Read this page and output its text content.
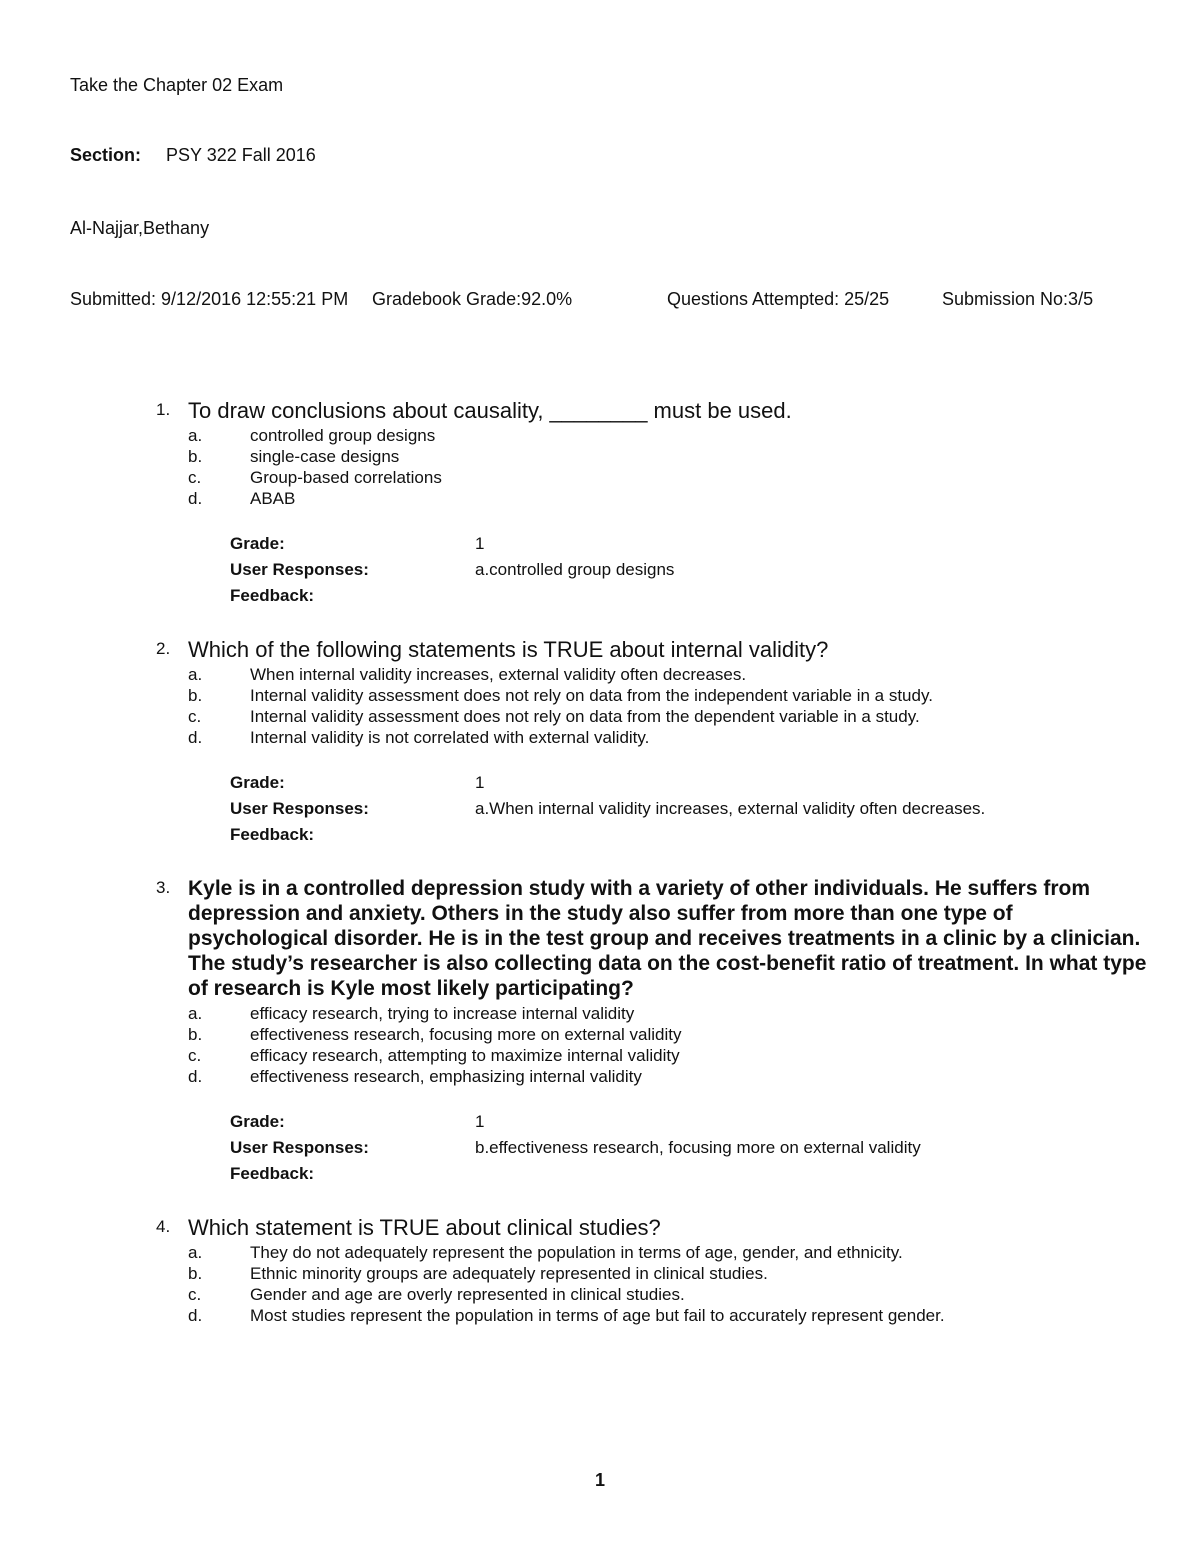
Take the Chapter 02 Exam
Section:	PSY 322 Fall 2016
Al-Najjar,Bethany
Submitted: 9/12/2016 12:55:21 PM Gradebook Grade:92.0%	Questions Attempted: 25/25	Submission No:3/5
1. To draw conclusions about causality, ________ must be used.
a.	controlled group designs
b.	single-case designs
c.	Group-based correlations
d.	ABAB
Grade:	1
User Responses:	a.controlled group designs
Feedback:
2. Which of the following statements is TRUE about internal validity?
a.	When internal validity increases, external validity often decreases.
b.	Internal validity assessment does not rely on data from the independent variable in a study.
c.	Internal validity assessment does not rely on data from the dependent variable in a study.
d.	Internal validity is not correlated with external validity.
Grade:	1
User Responses:	a.When internal validity increases, external validity often decreases.
Feedback:
3. Kyle is in a controlled depression study with a variety of other individuals. He suffers from depression and anxiety. Others in the study also suffer from more than one type of psychological disorder. He is in the test group and receives treatments in a clinic by a clinician. The study’s researcher is also collecting data on the cost-benefit ratio of treatment. In what type of research is Kyle most likely participating?
a.	efficacy research, trying to increase internal validity
b.	effectiveness research, focusing more on external validity
c.	efficacy research, attempting to maximize internal validity
d.	effectiveness research, emphasizing internal validity
Grade:	1
User Responses:	b.effectiveness research, focusing more on external validity
Feedback:
4. Which statement is TRUE about clinical studies?
a.	They do not adequately represent the population in terms of age, gender, and ethnicity.
b.	Ethnic minority groups are adequately represented in clinical studies.
c.	Gender and age are overly represented in clinical studies.
d.	Most studies represent the population in terms of age but fail to accurately represent gender.
1
